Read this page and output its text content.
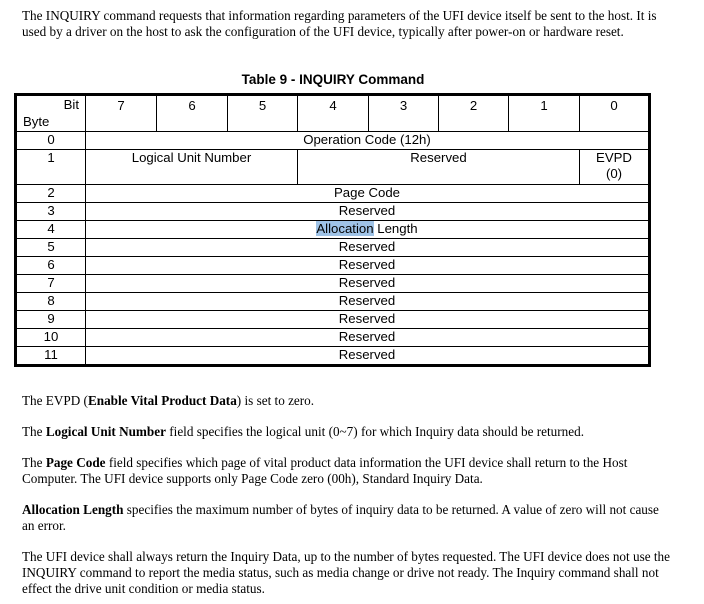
The INQUIRY command requests that information regarding parameters of the UFI device itself be sent to the host. It is used by a driver on the host to ask the configuration of the UFI device, typically after power-on or hardware reset.

Table 9 - INQUIRY Command
Bit
Byte	7	6	5	4	3	2	1	0
0	Operation Code (12h)							
1	Logical Unit Number			Reserved				EVPD
(0)

2	Page Code							
3	Reserved							
4	Allocation Length							
5	Reserved							
6	Reserved							
7	Reserved							
8	Reserved							
9	Reserved							
10	Reserved							
11	Reserved							

The EVPD (Enable Vital Product Data) is set to zero.

The Logical Unit Number field specifies the logical unit (0~7) for which Inquiry data should be returned.

The Page Code field specifies which page of vital product data information the UFI device shall return to the Host Computer. The UFI device supports only Page Code zero (00h), Standard Inquiry Data.

Allocation Length specifies the maximum number of bytes of inquiry data to be returned. A value of zero will not cause an error.

The UFI device shall always return the Inquiry Data, up to the number of bytes requested. The UFI device does not use the INQUIRY command to report the media status, such as media change or drive not ready. The Inquiry command shall not effect the drive unit condition or media status.
